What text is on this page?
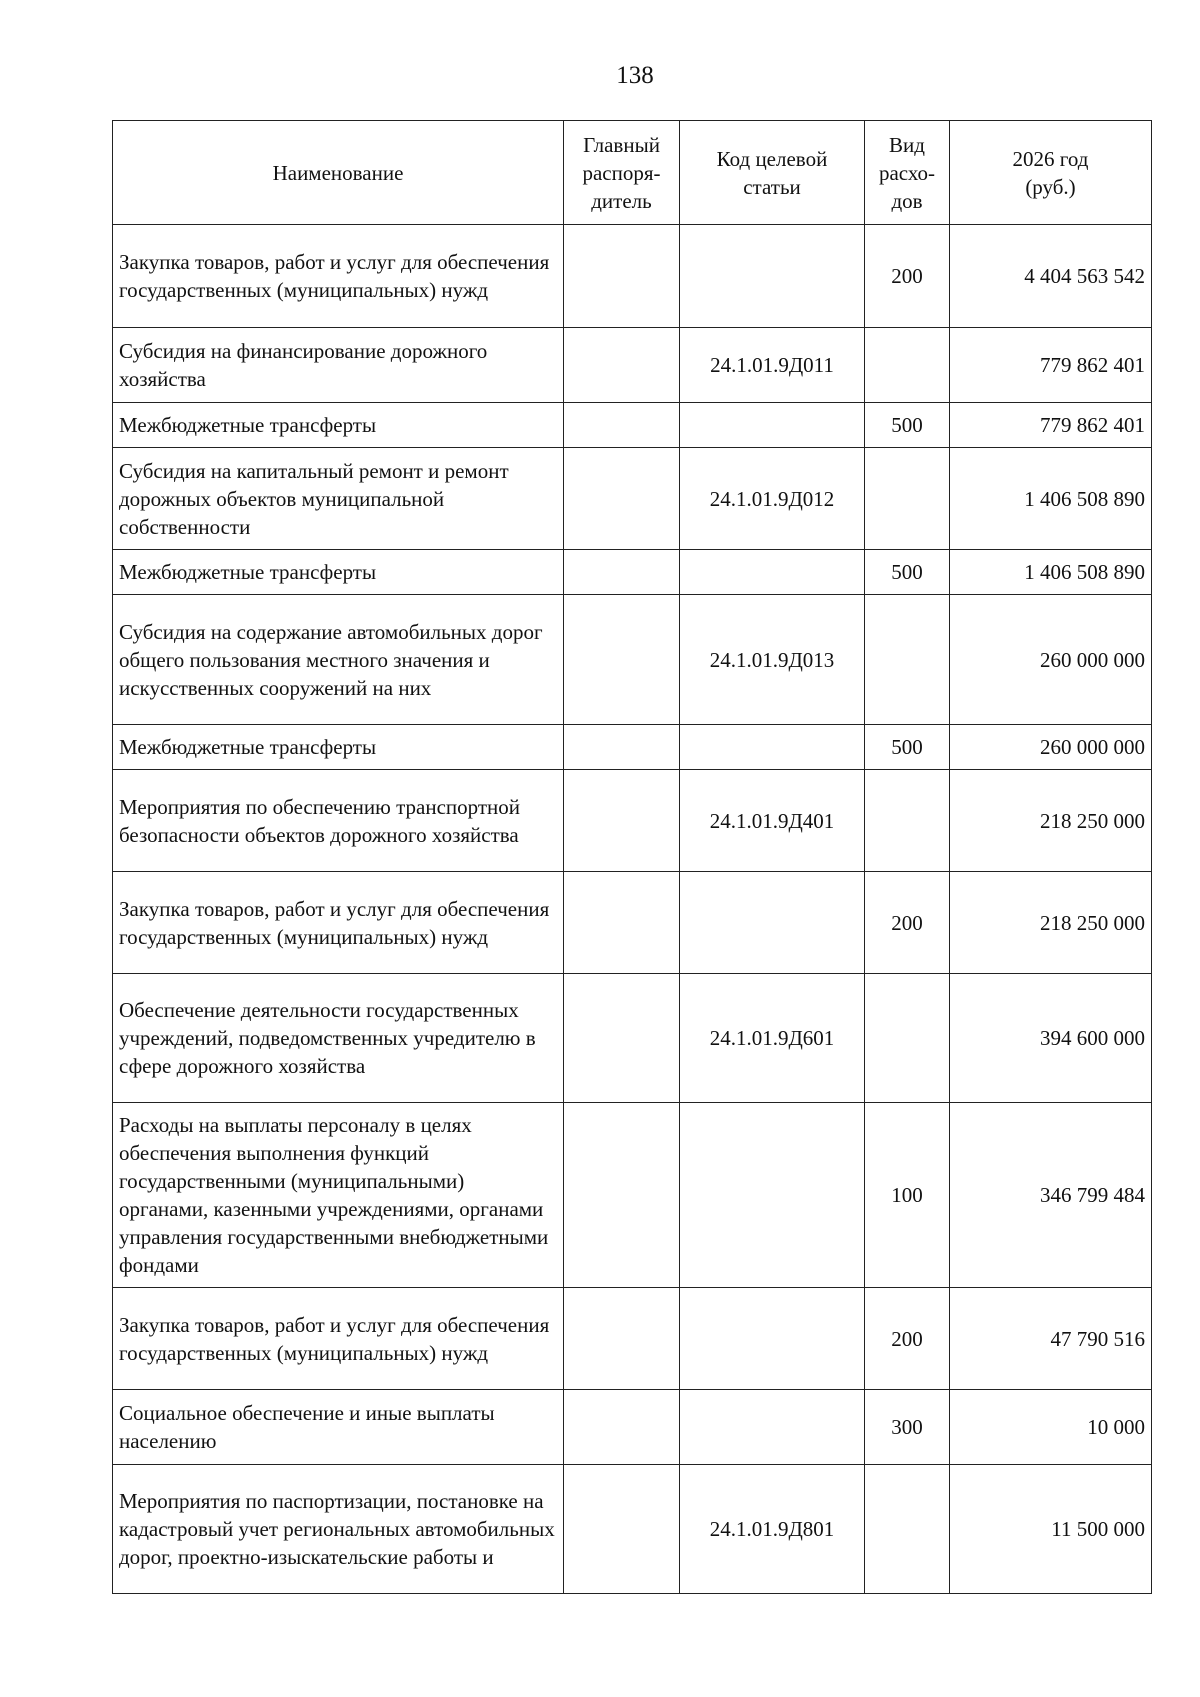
138
Наименование	Главный распоря-дитель	Код целевой статьи	Вид расхо-дов	2026 год (руб.)
Закупка товаров, работ и услуг для обеспечения государственных (муниципальных) нужд			200	4 404 563 542
Субсидия на финансирование дорожного хозяйства		24.1.01.9Д011		779 862 401
Межбюджетные трансферты			500	779 862 401
Субсидия на капитальный ремонт и ремонт дорожных объектов муниципальной собственности		24.1.01.9Д012		1 406 508 890
Межбюджетные трансферты			500	1 406 508 890
Субсидия на содержание автомобильных дорог общего пользования местного значения и искусственных сооружений на них		24.1.01.9Д013		260 000 000
Межбюджетные трансферты			500	260 000 000
Мероприятия по обеспечению транспортной безопасности объектов дорожного хозяйства		24.1.01.9Д401		218 250 000
Закупка товаров, работ и услуг для обеспечения государственных (муниципальных) нужд			200	218 250 000
Обеспечение деятельности государственных учреждений, подведомственных учредителю в сфере дорожного хозяйства		24.1.01.9Д601		394 600 000
Расходы на выплаты персоналу в целях обеспечения выполнения функций государственными (муниципальными) органами, казенными учреждениями, органами управления государственными внебюджетными фондами			100	346 799 484
Закупка товаров, работ и услуг для обеспечения государственных (муниципальных) нужд			200	47 790 516
Социальное обеспечение и иные выплаты населению			300	10 000
Мероприятия по паспортизации, постановке на кадастровый учет региональных автомобильных дорог, проектно-изыскательские работы и		24.1.01.9Д801		11 500 000
